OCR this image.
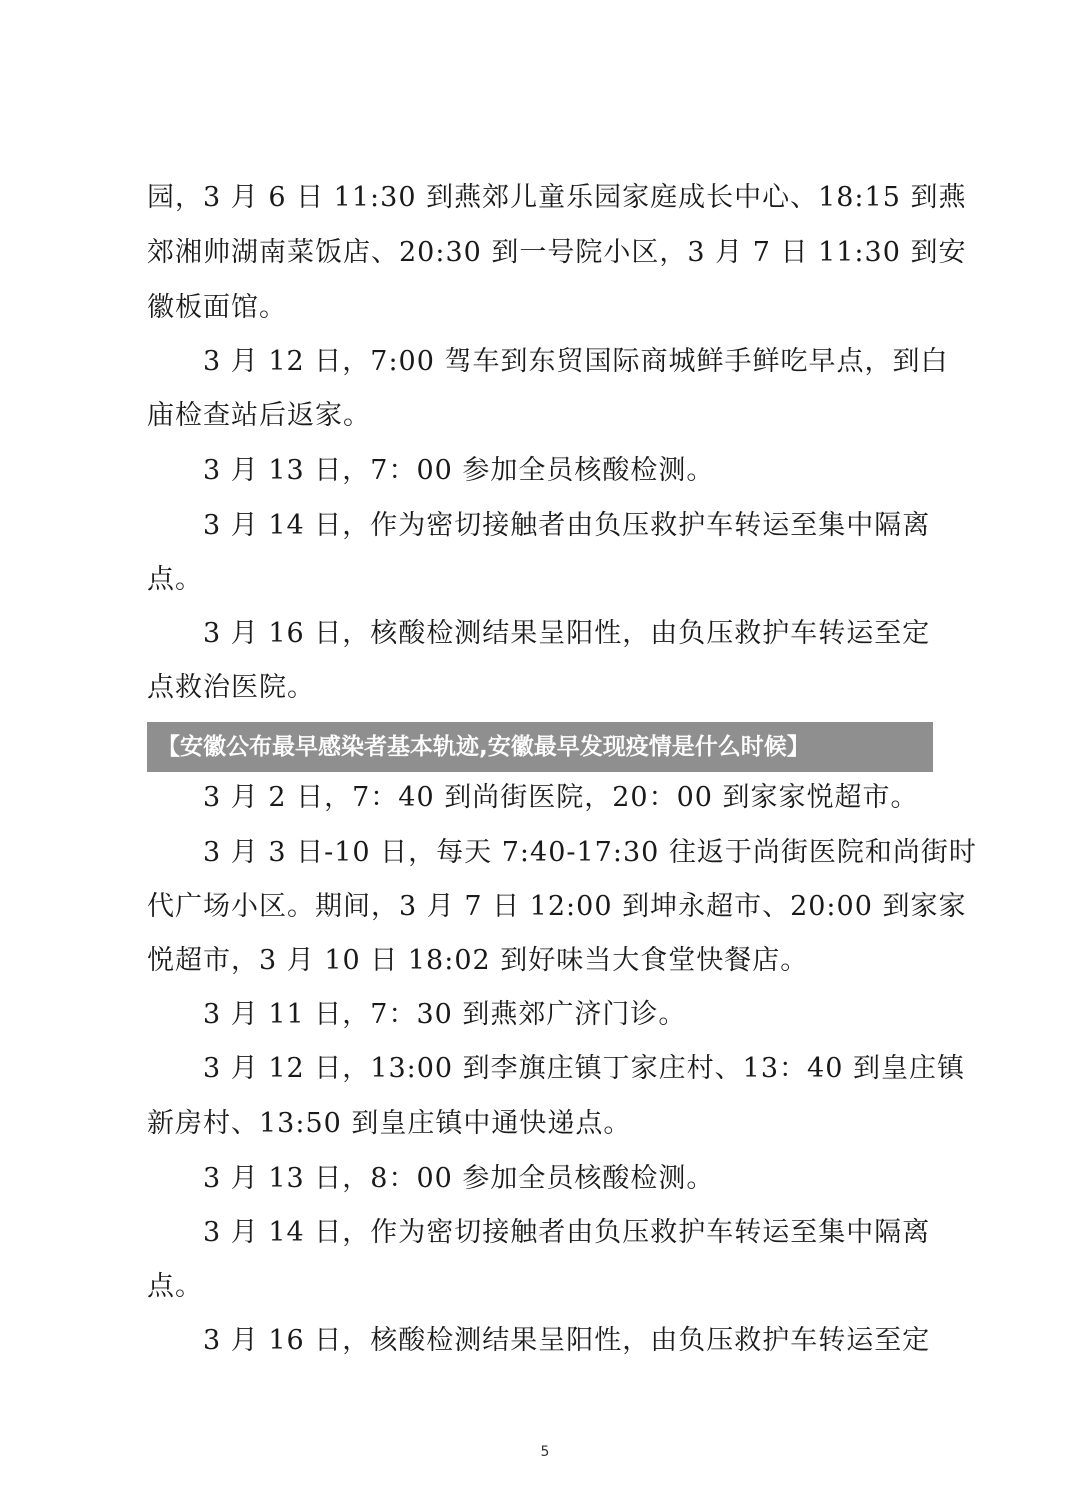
园，3 月 6 日 11:30 到燕郊儿童乐园家庭成长中心、18:15 到燕
郊湘帅湖南菜饭店、20:30 到一号院小区，3 月 7 日 11:30 到安
徽板面馆。
3 月 12 日，7:00 驾车到东贸国际商城鲜手鲜吃早点，到白
庙检查站后返家。
3 月 13 日，7：00 参加全员核酸检测。
3 月 14 日，作为密切接触者由负压救护车转运至集中隔离
点。
3 月 16 日，核酸检测结果呈阳性，由负压救护车转运至定
点救治医院。
3 月 2 日，7：40 到尚街医院，20：00 到家家悦超市。
3 月 3 日-10 日，每天 7:40-17:30 往返于尚街医院和尚街时
代广场小区。期间，3 月 7 日 12:00 到坤永超市、20:00 到家家
悦超市，3 月 10 日 18:02 到好味当大食堂快餐店。
3 月 11 日，7：30 到燕郊广济门诊。
3 月 12 日，13:00 到李旗庄镇丁家庄村、13：40 到皇庄镇
新房村、13:50 到皇庄镇中通快递点。
3 月 13 日，8：00 参加全员核酸检测。
3 月 14 日，作为密切接触者由负压救护车转运至集中隔离
点。
3 月 16 日，核酸检测结果呈阳性，由负压救护车转运至定
5
【安徽公布最早感染者基本轨迹,安徽最早发现疫情是什么时候】
